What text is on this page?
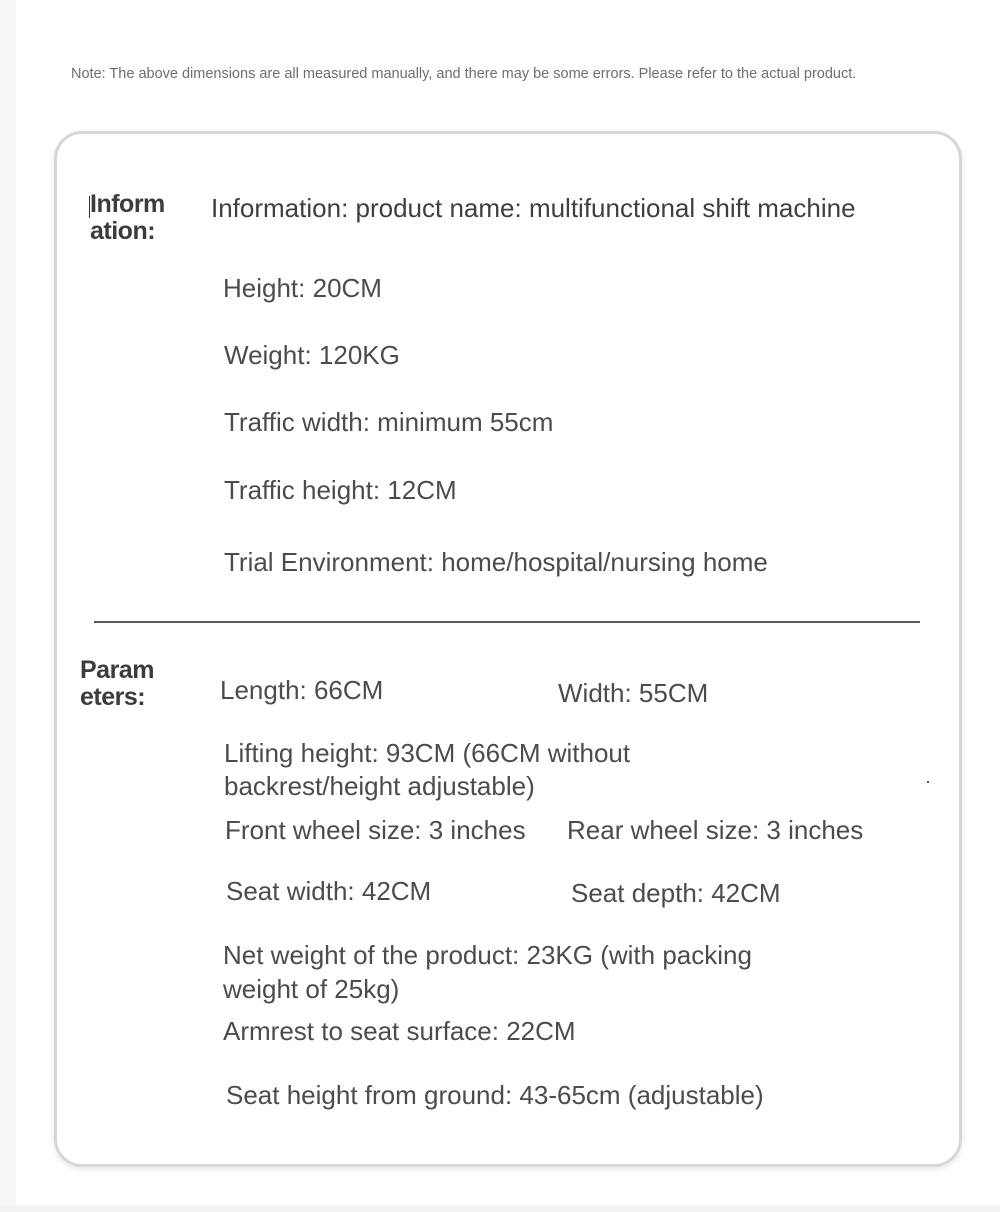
Note: The above dimensions are all measured manually, and there may be some errors. Please refer to the actual product.
Inform
ation:
Information: product name: multifunctional shift machine
Height: 20CM
Weight: 120KG
Traffic width: minimum 55cm
Traffic height: 12CM
Trial Environment: home/hospital/nursing home
Param
eters:	Length: 66CM	Width: 55CM
Lifting height: 93CM (66CM without
backrest/height adjustable)
Front wheel size: 3 inches Rear wheel size: 3 inches
Seat width: 42CM	Seat depth: 42CM
Net weight of the product: 23KG (with packing
weight of 25kg)
Armrest to seat surface: 22CM
Seat height from ground: 43-65cm (adjustable)
